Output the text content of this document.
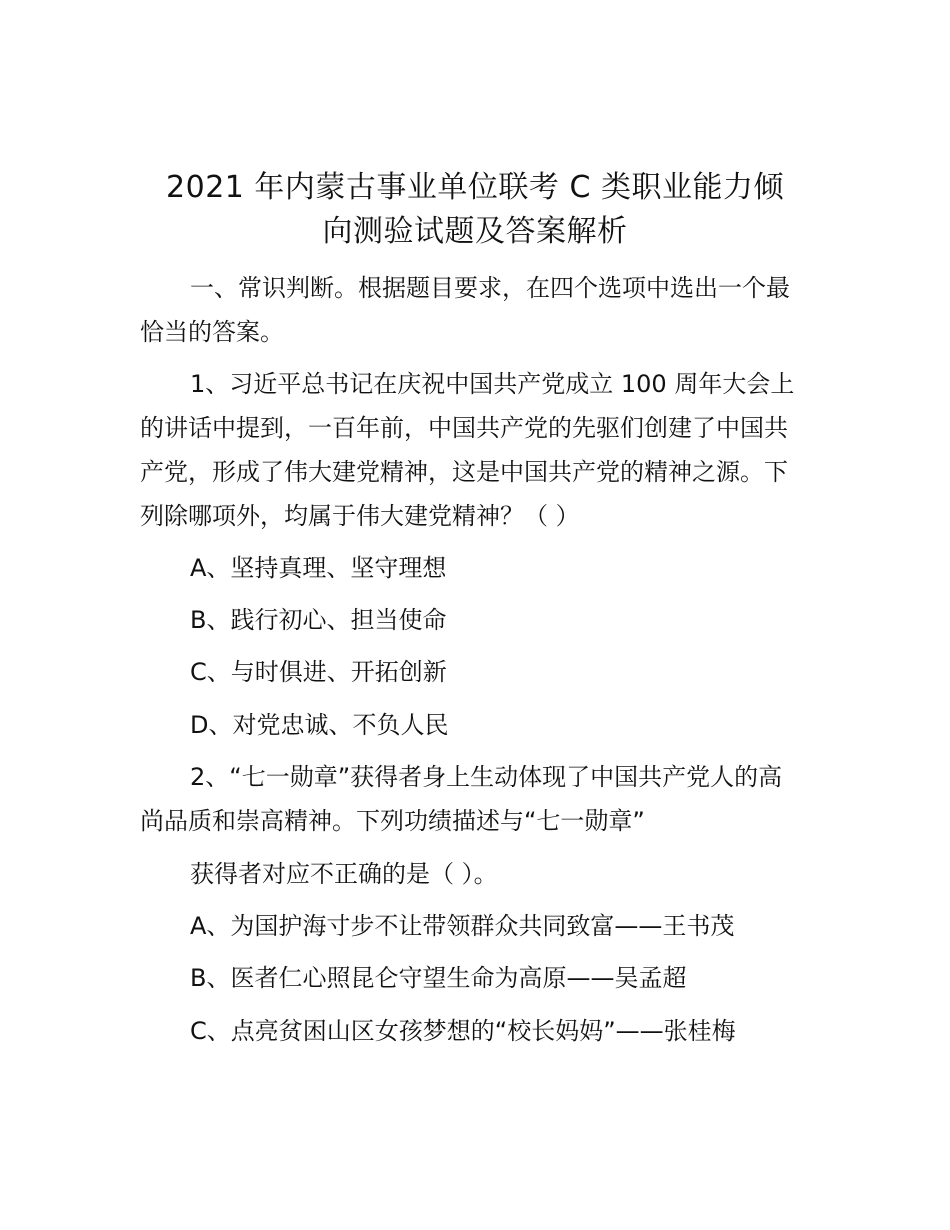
2021 年内蒙古事业单位联考 C 类职业能力倾
向测验试题及答案解析
一、常识判断。根据题目要求，在四个选项中选出一个最
恰当的答案。
1、习近平总书记在庆祝中国共产党成立 100 周年大会上
的讲话中提到，一百年前，中国共产党的先驱们创建了中国共
产党，形成了伟大建党精神，这是中国共产党的精神之源。下
列除哪项外，均属于伟大建党精神？（ ）
A、坚持真理、坚守理想
B、践行初心、担当使命
C、与时俱进、开拓创新
D、对党忠诚、不负人民
2、“七一勋章”获得者身上生动体现了中国共产党人的高
尚品质和崇高精神。下列功绩描述与“七一勋章”
获得者对应不正确的是（ ）。
A、为国护海寸步不让带领群众共同致富——王书茂
B、医者仁心照昆仑守望生命为高原——吴孟超
C、点亮贫困山区女孩梦想的“校长妈妈”——张桂梅
